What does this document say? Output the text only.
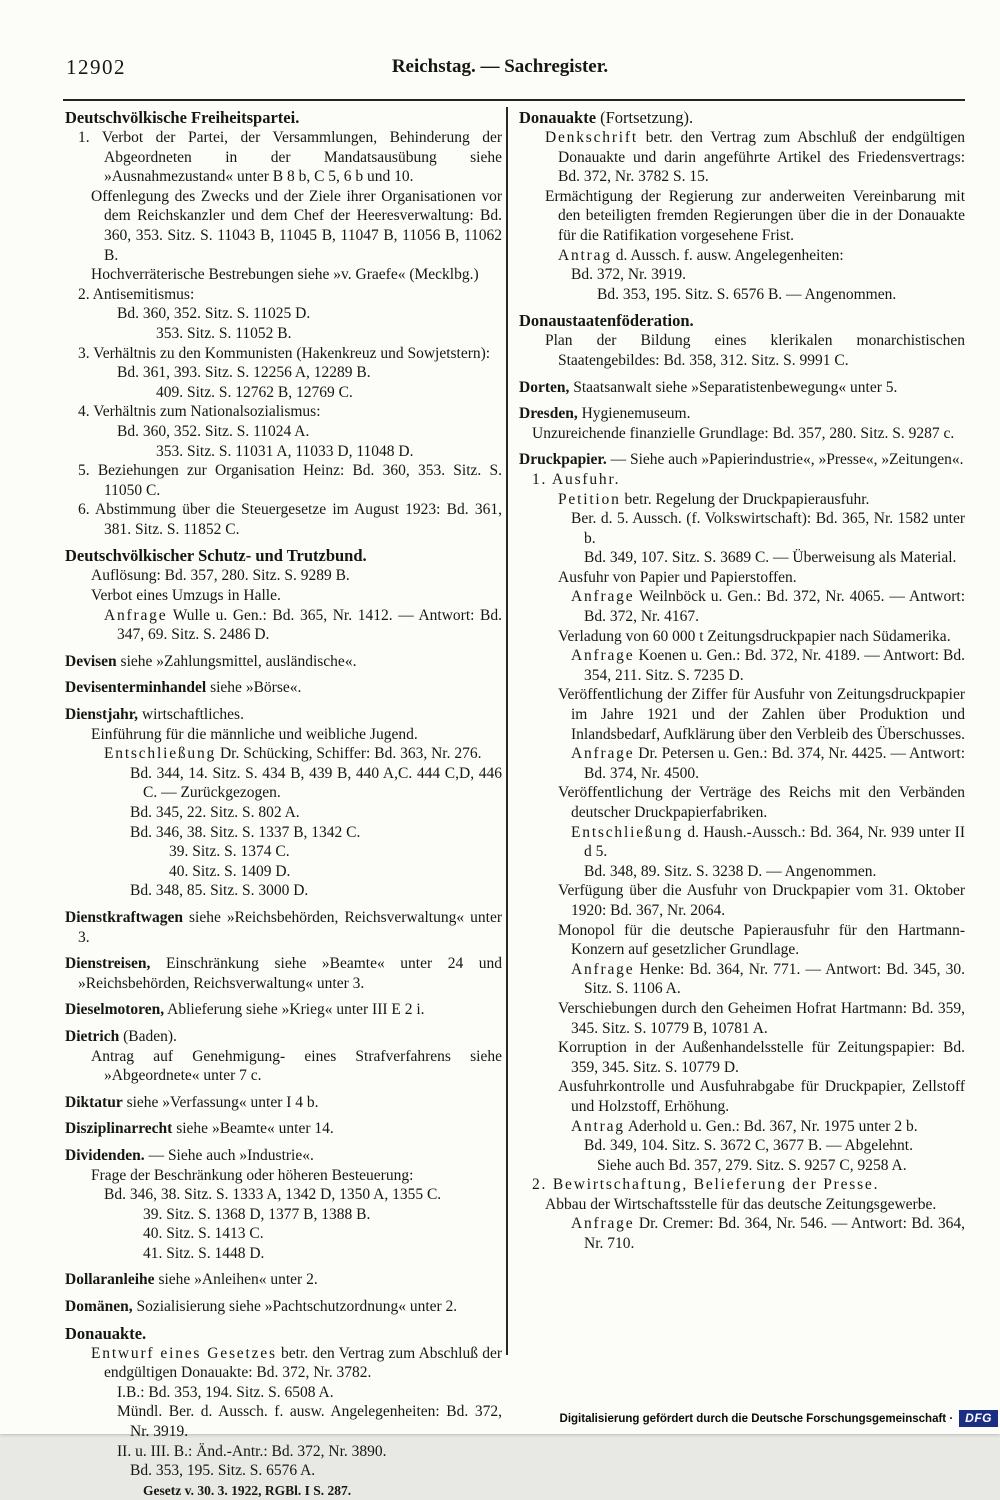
12902	Reichstag. — Sachregister.

Deutschvölkische Freiheitspartei.

1. Verbot der Partei, der Versammlungen, Behinderung der Abgeordneten in der Mandatsausübung siehe »Ausnahmezustand« unter B 8 b, C 5, 6 b und 10.

Offenlegung des Zwecks und der Ziele ihrer Organisationen vor dem Reichskanzler und dem Chef der Heeresverwaltung: Bd. 360, 353. Sitz. S. 11043 B, 11045 B, 11047 B, 11056 B, 11062 B.

Hochverräterische Bestrebungen siehe »v. Graefe« (Mecklbg.)

2. Antisemitismus:

Bd. 360, 352. Sitz. S. 11025 D.

353. Sitz. S. 11052 B.

3. Verhältnis zu den Kommunisten (Hakenkreuz und Sowjetstern):

Bd. 361, 393. Sitz. S. 12256 A, 12289 B.

409. Sitz. S. 12762 B, 12769 C.

4. Verhältnis zum Nationalsozialismus:

Bd. 360, 352. Sitz. S. 11024 A.

353. Sitz. S. 11031 A, 11033 D, 11048 D.

5. Beziehungen zur Organisation Heinz: Bd. 360, 353. Sitz. S. 11050 C.

6. Abstimmung über die Steuergesetze im August 1923: Bd. 361, 381. Sitz. S. 11852 C.

Deutschvölkischer Schutz- und Trutzbund.

Auflösung: Bd. 357, 280. Sitz. S. 9289 B.

Verbot eines Umzugs in Halle.

Anfrage Wulle u. Gen.: Bd. 365, Nr. 1412. — Antwort: Bd. 347, 69. Sitz. S. 2486 D.

Devisen siehe »Zahlungsmittel, ausländische«.

Devisenterminhandel siehe »Börse«.

Dienstjahr, wirtschaftliches.

Einführung für die männliche und weibliche Jugend.

Entschließung Dr. Schücking, Schiffer: Bd. 363, Nr. 276.

Bd. 344, 14. Sitz. S. 434 B, 439 B, 440 A,C. 444 C,D, 446 C. — Zurückgezogen.

Bd. 345, 22. Sitz. S. 802 A.

Bd. 346, 38. Sitz. S. 1337 B, 1342 C.

39. Sitz. S. 1374 C.

40. Sitz. S. 1409 D.

Bd. 348, 85. Sitz. S. 3000 D.

Dienstkraftwagen siehe »Reichsbehörden, Reichsverwaltung« unter 3.

Dienstreisen, Einschränkung siehe »Beamte« unter 24 und »Reichsbehörden, Reichsverwaltung« unter 3.

Dieselmotoren, Ablieferung siehe »Krieg« unter III E 2 i.

Dietrich (Baden).

Antrag auf Genehmigung- eines Strafverfahrens siehe »Abgeordnete« unter 7 c.

Diktatur siehe »Verfassung« unter I 4 b.

Disziplinarrecht siehe »Beamte« unter 14.

Dividenden. — Siehe auch »Industrie«.

Frage der Beschränkung oder höheren Besteuerung:

Bd. 346, 38. Sitz. S. 1333 A, 1342 D, 1350 A, 1355 C.

39. Sitz. S. 1368 D, 1377 B, 1388 B.

40. Sitz. S. 1413 C.

41. Sitz. S. 1448 D.

Dollaranleihe siehe »Anleihen« unter 2.

Domänen, Sozialisierung siehe »Pachtschutzordnung« unter 2.

Donauakte.

Entwurf eines Gesetzes betr. den Vertrag zum Abschluß der endgültigen Donauakte: Bd. 372, Nr. 3782.

I.B.: Bd. 353, 194. Sitz. S. 6508 A.

Mündl. Ber. d. Aussch. f. ausw. Angelegenheiten: Bd. 372, Nr. 3919.

II. u. III. B.: Änd.-Antr.: Bd. 372, Nr. 3890.

Bd. 353, 195. Sitz. S. 6576 A.

Gesetz v. 30. 3. 1922, RGBl. I S. 287.

Donauakte (Fortsetzung).

Denkschrift betr. den Vertrag zum Abschluß der endgültigen Donauakte und darin angeführte Artikel des Friedensvertrags: Bd. 372, Nr. 3782 S. 15.

Ermächtigung der Regierung zur anderweiten Vereinbarung mit den beteiligten fremden Regierungen über die in der Donauakte für die Ratifikation vorgesehene Frist.

Antrag d. Aussch. f. ausw. Angelegenheiten:

Bd. 372, Nr. 3919.

Bd. 353, 195. Sitz. S. 6576 B. — Angenommen.

Donaustaatenföderation.

Plan der Bildung eines klerikalen monarchistischen Staatengebildes: Bd. 358, 312. Sitz. S. 9991 C.

Dorten, Staatsanwalt siehe »Separatistenbewegung« unter 5.

Dresden, Hygienemuseum.

Unzureichende finanzielle Grundlage: Bd. 357, 280. Sitz. S. 9287 c.

Druckpapier. — Siehe auch »Papierindustrie«, »Presse«, »Zeitungen«.

1. Ausfuhr.

Petition betr. Regelung der Druckpapierausfuhr.

Ber. d. 5. Aussch. (f. Volkswirtschaft): Bd. 365, Nr. 1582 unter b.

Bd. 349, 107. Sitz. S. 3689 C. — Überweisung als Material.

Ausfuhr von Papier und Papierstoffen.

Anfrage Weilnböck u. Gen.: Bd. 372, Nr. 4065. — Antwort: Bd. 372, Nr. 4167.

Verladung von 60 000 t Zeitungsdruckpapier nach Südamerika.

Anfrage Koenen u. Gen.: Bd. 372, Nr. 4189. — Antwort: Bd. 354, 211. Sitz. S. 7235 D.

Veröffentlichung der Ziffer für Ausfuhr von Zeitungsdruckpapier im Jahre 1921 und der Zahlen über Produktion und Inlandsbedarf, Aufklärung über den Verbleib des Überschusses.

Anfrage Dr. Petersen u. Gen.: Bd. 374, Nr. 4425. — Antwort: Bd. 374, Nr. 4500.

Veröffentlichung der Verträge des Reichs mit den Verbänden deutscher Druckpapierfabriken.

Entschließung d. Haush.-Aussch.: Bd. 364, Nr. 939 unter II d 5.

Bd. 348, 89. Sitz. S. 3238 D. — Angenommen.

Verfügung über die Ausfuhr von Druckpapier vom 31. Oktober 1920: Bd. 367, Nr. 2064.

Monopol für die deutsche Papierausfuhr für den Hartmann-Konzern auf gesetzlicher Grundlage.

Anfrage Henke: Bd. 364, Nr. 771. — Antwort: Bd. 345, 30. Sitz. S. 1106 A.

Verschiebungen durch den Geheimen Hofrat Hartmann: Bd. 359, 345. Sitz. S. 10779 B, 10781 A.

Korruption in der Außenhandelsstelle für Zeitungspapier: Bd. 359, 345. Sitz. S. 10779 D.

Ausfuhrkontrolle und Ausfuhrabgabe für Druckpapier, Zellstoff und Holzstoff, Erhöhung.

Antrag Aderhold u. Gen.: Bd. 367, Nr. 1975 unter 2 b.

Bd. 349, 104. Sitz. S. 3672 C, 3677 B. — Abgelehnt.

Siehe auch Bd. 357, 279. Sitz. S. 9257 C, 9258 A.

2. Bewirtschaftung, Belieferung der Presse.

Abbau der Wirtschaftsstelle für das deutsche Zeitungsgewerbe.

Anfrage Dr. Cremer: Bd. 364, Nr. 546. — Antwort: Bd. 364, Nr. 710.

Digitalisierung gefördert durch die Deutsche Forschungsgemeinschaft ·	DFG
